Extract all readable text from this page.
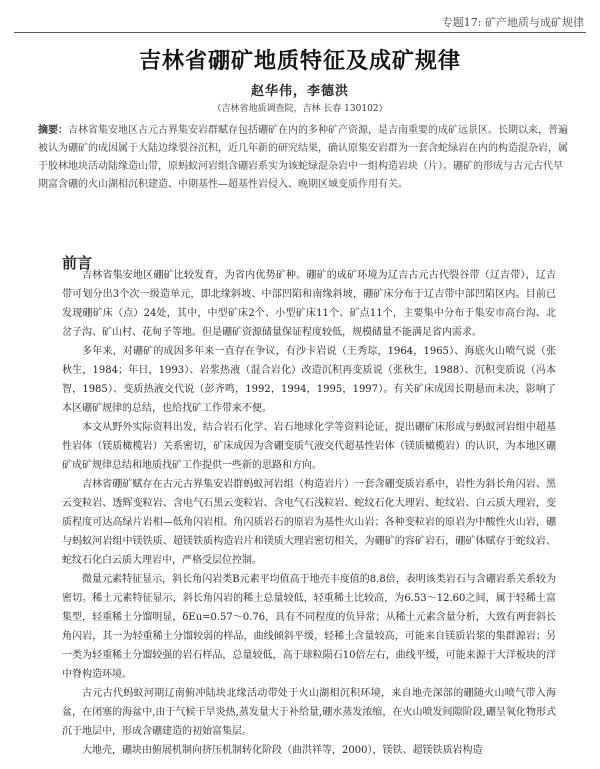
专题17: 矿产地质与成矿规律
吉林省硼矿地质特征及成矿规律
赵华伟，李德洪
（吉林省地质调查院，吉林 长春 130102）
摘要：吉林省集安地区古元古界集安岩群赋存包括硼矿在内的多种矿产资源，是吉南重要的成矿远景区。长期以来，普遍被认为硼矿的成因属于大陆边缘裂谷沉积，近几年新的研究结果，确认原集安岩群为一套含蛇绿岩在内的构造混杂岩，属于胶林地块活动陆缘造山带，原蚂蚁河岩组含硼岩系实为该蛇绿混杂岩中一组构造岩块（片）。硼矿的形成与古元古代早期富含硼的火山湖相沉积建造、中期基性—超基性岩侵入、晚期区域变质作用有关。
前言

吉林省集安地区硼矿比较发育，为省内优势矿种。硼矿的成矿环境为辽吉古元古代裂谷带（辽吉带），辽吉带可划分出3个次一级造单元，即北缘斜坡、中部凹陷和南缘斜坡，硼矿床分布于辽吉带中部凹陷区内。目前已发现硼矿床（点）24处，其中，中型矿床2个、小型矿床11个、矿点11个，主要集中分布于集安市高台沟、北岔子沟、矿山村、花甸子等地。但是硼矿资源储量保证程度较低，规模储量不能满足省内需求。

多年来，对硼矿的成因多年来一直存在争议，有沙卡岩说（王秀琮，1964，1965）、海底火山喷气说（张秋生，1984；年日，1993）、岩浆热液（混合岩化）改造沉积再变质说（张秋生，1988）、沉积变质说（冯本智，1985）、变质热液交代说（彭齐鸣，1992，1994，1995，1997）。有关矿床成因长期悬而未决，影响了本区硼矿规律的总结，也给找矿工作带来不便。

本文从野外实际资料出发，结合岩石化学、岩石地球化学等资料论证，提出硼矿床形成与蚂蚁河岩组中超基性岩体（镁质橄榄岩）关系密切，矿床成因为含硼变质气液交代超基性岩体（镁质橄榄岩）的认识，为本地区硼矿成矿规律总结和地质找矿工作提供一些新的思路和方向。

吉林省硼矿赋存在古元古界集安岩群蚂蚁河岩组（构造岩片）一套含硼变质岩系中，岩性为斜长角闪岩、黑云变粒岩、透辉变粒岩、含电气石黑云变粒岩、含电气石浅粒岩、蛇纹石化大理岩、蛇纹岩、白云质大理岩，变质程度可达高绿片岩相—低角闪岩相。角闪质岩石的原岩为基性火山岩；各种变粒岩的原岩为中酸性火山岩，硼与蚂蚁河岩组中镁铁质、超镁铁质构造岩片和镁质大理岩密切相关，为硼矿的容矿岩石，硼矿体赋存于蛇纹岩、蛇纹石化白云质大理岩中，严格受层位控制。

微量元素特征显示，斜长角闪岩类B元素平均值高于地壳丰度值的8.8倍，表明该类岩石与含硼岩系关系较为密切。稀土元素特征显示，斜长角闪岩的稀土总量较低，轻重稀土比较高，为6.53～12.60之间，属于轻稀土富集型，轻重稀土分馏明显，δEu=0.57～0.76，具有不同程度的负异常；从稀土元素含量分析，大致有两套斜长角闪岩，其一为轻重稀土分馏较弱的样品，曲线倾斜平缓，轻稀土含量较高，可能来自镁质岩浆的集群源岩；另一类为轻重稀土分馏较强的岩石样品，总量较低，高于球粒陨石10倍左右，曲线平缓，可能来源于大洋板块的洋中脊构造环境。

古元古代蚂蚁河期辽南俯冲陆块北缘活动带处于火山湖相沉积环境，来自地壳深部的硼随火山喷气带入海盆，在闭塞的海盆中,由于气候干旱炎热,蒸发量大于补给量,硼水蒸发浓缩，在火山喷发间隙阶段,硼呈氧化物形式沉于地层中，形成含硼建造的初始富集层。

大地壳，硼块由俯展机制向挤压机制转化阶段（曲洪祥等，2000），镁铁、超镁铁质岩构造
